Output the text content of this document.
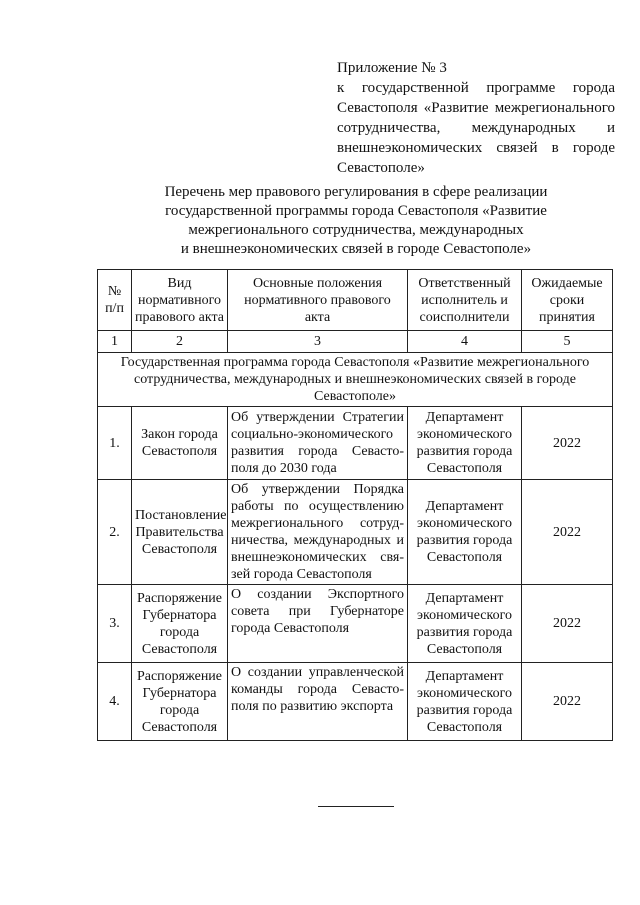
Приложение № 3
к государственной программе города Севастополя «Развитие межрегионального сотрудничества, международных и внешнеэкономических связей в городе Севастополе»
Перечень мер правового регулирования в сфере реализации
государственной программы города Севастополя «Развитие
межрегионального сотрудничества, международных
и внешнеэкономических связей в городе Севастополе»
№ п/п	Вид нормативного правового акта	Основные положения нормативного правового акта	Ответственный исполнитель и соисполнители	Ожидаемые сроки принятия
1	2	3	4	5
Государственная программа города Севастополя «Развитие межрегионального сотрудничества, международных и внешнеэкономических связей в городе Севастополе»				
1.	Закон города Севастополя	Об утверждении Стратегии социально-экономического развития города Севасто-поля до 2030 года	Департамент экономического развития города Севастополя	2022
2.	Постановление Правительства Севастополя	Об утверждении Порядка работы по осуществлению межрегионального сотруд-ничества, международных и внешнеэкономических свя-зей города Севастополя	Департамент экономического развития города Севастополя	2022
3.	Распоряжение Губернатора города Севастополя	О создании Экспортного совета при Губернаторе города Севастополя	Департамент экономического развития города Севастополя	2022
4.	Распоряжение Губернатора города Севастополя	О создании управленческой команды города Севасто-поля по развитию экспорта	Департамент экономического развития города Севастополя	2022
